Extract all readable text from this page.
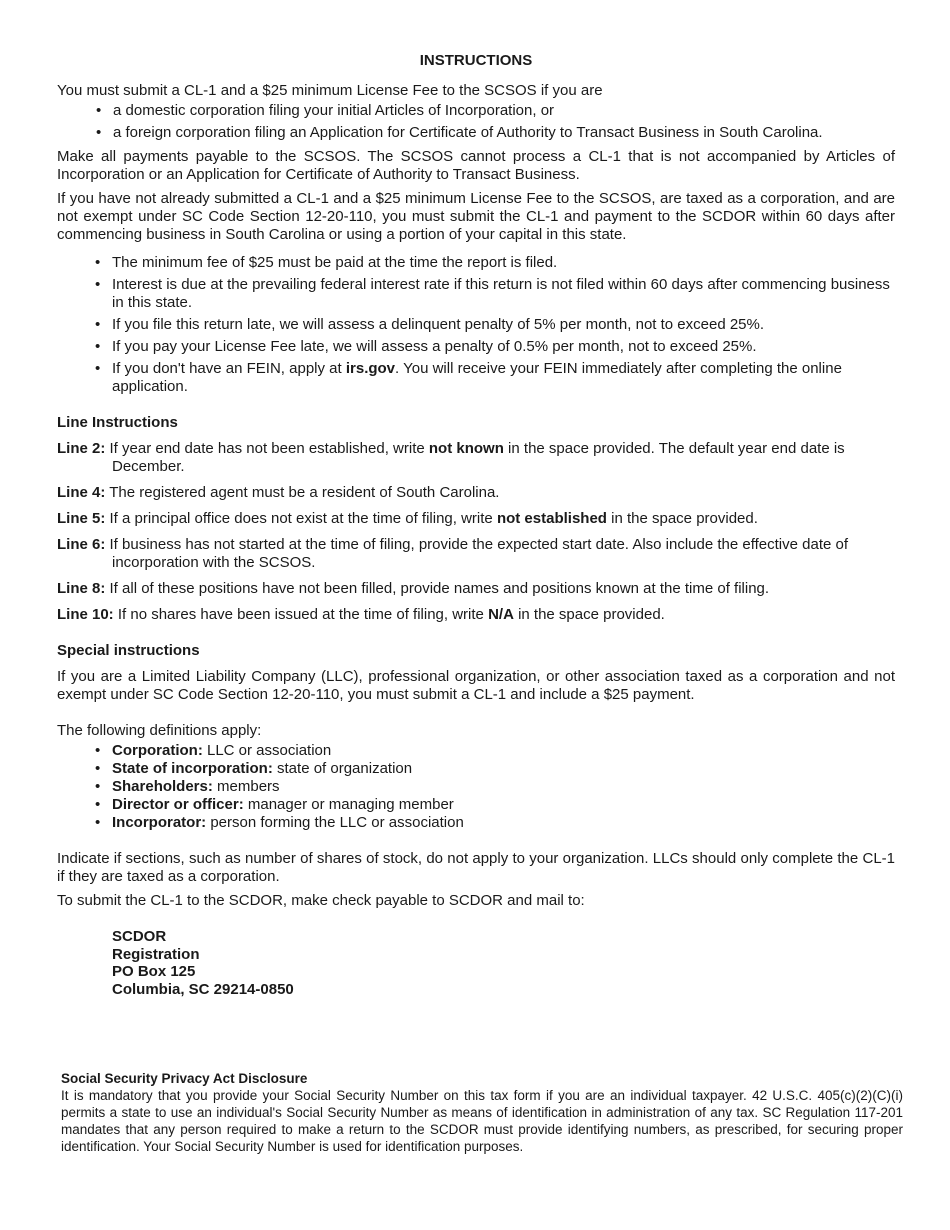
INSTRUCTIONS

You must submit a CL-1 and a $25 minimum License Fee to the SCSOS if you are

• a domestic corporation filing your initial Articles of Incorporation, or
• a foreign corporation filing an Application for Certificate of Authority to Transact Business in South Carolina.

Make all payments payable to the SCSOS. The SCSOS cannot process a CL-1 that is not accompanied by Articles of Incorporation or an Application for Certificate of Authority to Transact Business.

If you have not already submitted a CL-1 and a $25 minimum License Fee to the SCSOS, are taxed as a corporation, and are not exempt under SC Code Section 12-20-110, you must submit the CL-1 and payment to the SCDOR within 60 days after commencing business in South Carolina or using a portion of your capital in this state.

• The minimum fee of $25 must be paid at the time the report is filed.
• Interest is due at the prevailing federal interest rate if this return is not filed within 60 days after commencing business in this state.
• If you file this return late, we will assess a delinquent penalty of 5% per month, not to exceed 25%.
• If you pay your License Fee late, we will assess a penalty of 0.5% per month, not to exceed 25%.
• If you don't have an FEIN, apply at irs.gov. You will receive your FEIN immediately after completing the online application.
Line Instructions
Line 2: If year end date has not been established, write not known in the space provided. The default year end date is December.
Line 4: The registered agent must be a resident of South Carolina.
Line 5: If a principal office does not exist at the time of filing, write not established in the space provided.
Line 6: If business has not started at the time of filing, provide the expected start date. Also include the effective date of incorporation with the SCSOS.
Line 8: If all of these positions have not been filled, provide names and positions known at the time of filing.
Line 10: If no shares have been issued at the time of filing, write N/A in the space provided.
Special instructions

If you are a Limited Liability Company (LLC), professional organization, or other association taxed as a corporation and not exempt under SC Code Section 12-20-110, you must submit a CL-1 and include a $25 payment.

The following definitions apply:

• Corporation: LLC or association
• State of incorporation: state of organization
• Shareholders: members
• Director or officer: manager or managing member
• Incorporator: person forming the LLC or association

Indicate if sections, such as number of shares of stock, do not apply to your organization. LLCs should only complete the CL-1 if they are taxed as a corporation.

To submit the CL-1 to the SCDOR, make check payable to SCDOR and mail to:

SCDOR
Registration
PO Box 125
Columbia, SC 29214-0850
Social Security Privacy Act Disclosure

It is mandatory that you provide your Social Security Number on this tax form if you are an individual taxpayer. 42 U.S.C. 405(c)(2)(C)(i) permits a state to use an individual's Social Security Number as means of identification in administration of any tax. SC Regulation 117-201 mandates that any person required to make a return to the SCDOR must provide identifying numbers, as prescribed, for securing proper identification. Your Social Security Number is used for identification purposes.
